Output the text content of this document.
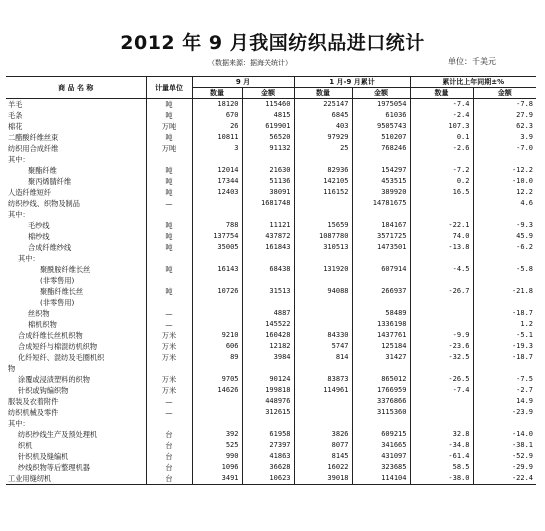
2012 年 9 月我国纺织品进口统计
（数据来源：据海关统计）	单位：千美元
商 品 名 称	计量单位	9 月		1 月-9 月累计		累计比上年同期±%	
		数量	金额	数量	金额	数量	金额
羊毛	吨	18120	115460	225147	1975054	-7.4	-7.8
毛条	吨	670	4815	6845	61036	-2.4	27.9
棉花	万吨	26	619901	403	9505743	107.3	62.3
二醋酸纤维丝束	吨	10811	56520	97929	510207	0.1	3.9
纺织用合成纤维	万吨	3	91132	25	768246	-2.6	-7.0
其中：							
聚酯纤维	吨	12014	21630	82936	154297	-7.2	-12.2
聚丙烯腈纤维	吨	17344	51136	142105	453515	0.2	-10.0
人造纤维短纤	吨	12403	38091	116152	389920	16.5	12.2
纺织纱线、织物及制品	—		1681748		14781675		4.6
其中：							
毛纱线	吨	788	11121	15659	184167	-22.1	-9.3
棉纱线	吨	137754	437872	1087780	3571725	74.0	45.9
合成纤维纱线	吨	35005	161843	310513	1473501	-13.8	-6.2
其中：							
聚酰胺纤维长丝	吨	16143	68438	131920	607914	-4.5	-5.8
(非零售用)							
聚酯纤维长丝	吨	10726	31513	94088	266937	-26.7	-21.8
(非零售用)							
丝织物	—		4887		58489		-18.7
棉机织物	—		145522		1336198		1.2
合成纤维长丝机织物	万米	9210	160428	84330	1437761	-9.9	-5.1
合成短纤与棉混纺机织物	万米	606	12182	5747	125184	-23.6	-19.3
化纤短纤、混纺及毛圈机织	万米	89	3984	814	31427	-32.5	-18.7
物							
涂覆或浸渍塑料的织物	万米	9705	90124	83873	865012	-26.5	-7.5
针织或钩编织物	万米	14626	199818	114961	1766959	-7.4	-2.7
服装及衣着附件	—		448976		3376866		14.9
纺织机械及零件	—		312615		3115360		-23.9
其中：							
纺织纱线生产及预处理机	台	392	61958	3826	609215	32.8	-14.0
织机	台	525	27397	8077	341665	-34.8	-38.1
针织机及缝编机	台	990	41863	8145	431097	-61.4	-52.9
纱线织物等后整理机器	台	1096	36628	16022	323685	58.5	-29.9
工业用缝纫机	台	3491	10623	39018	114104	-38.0	-22.4
